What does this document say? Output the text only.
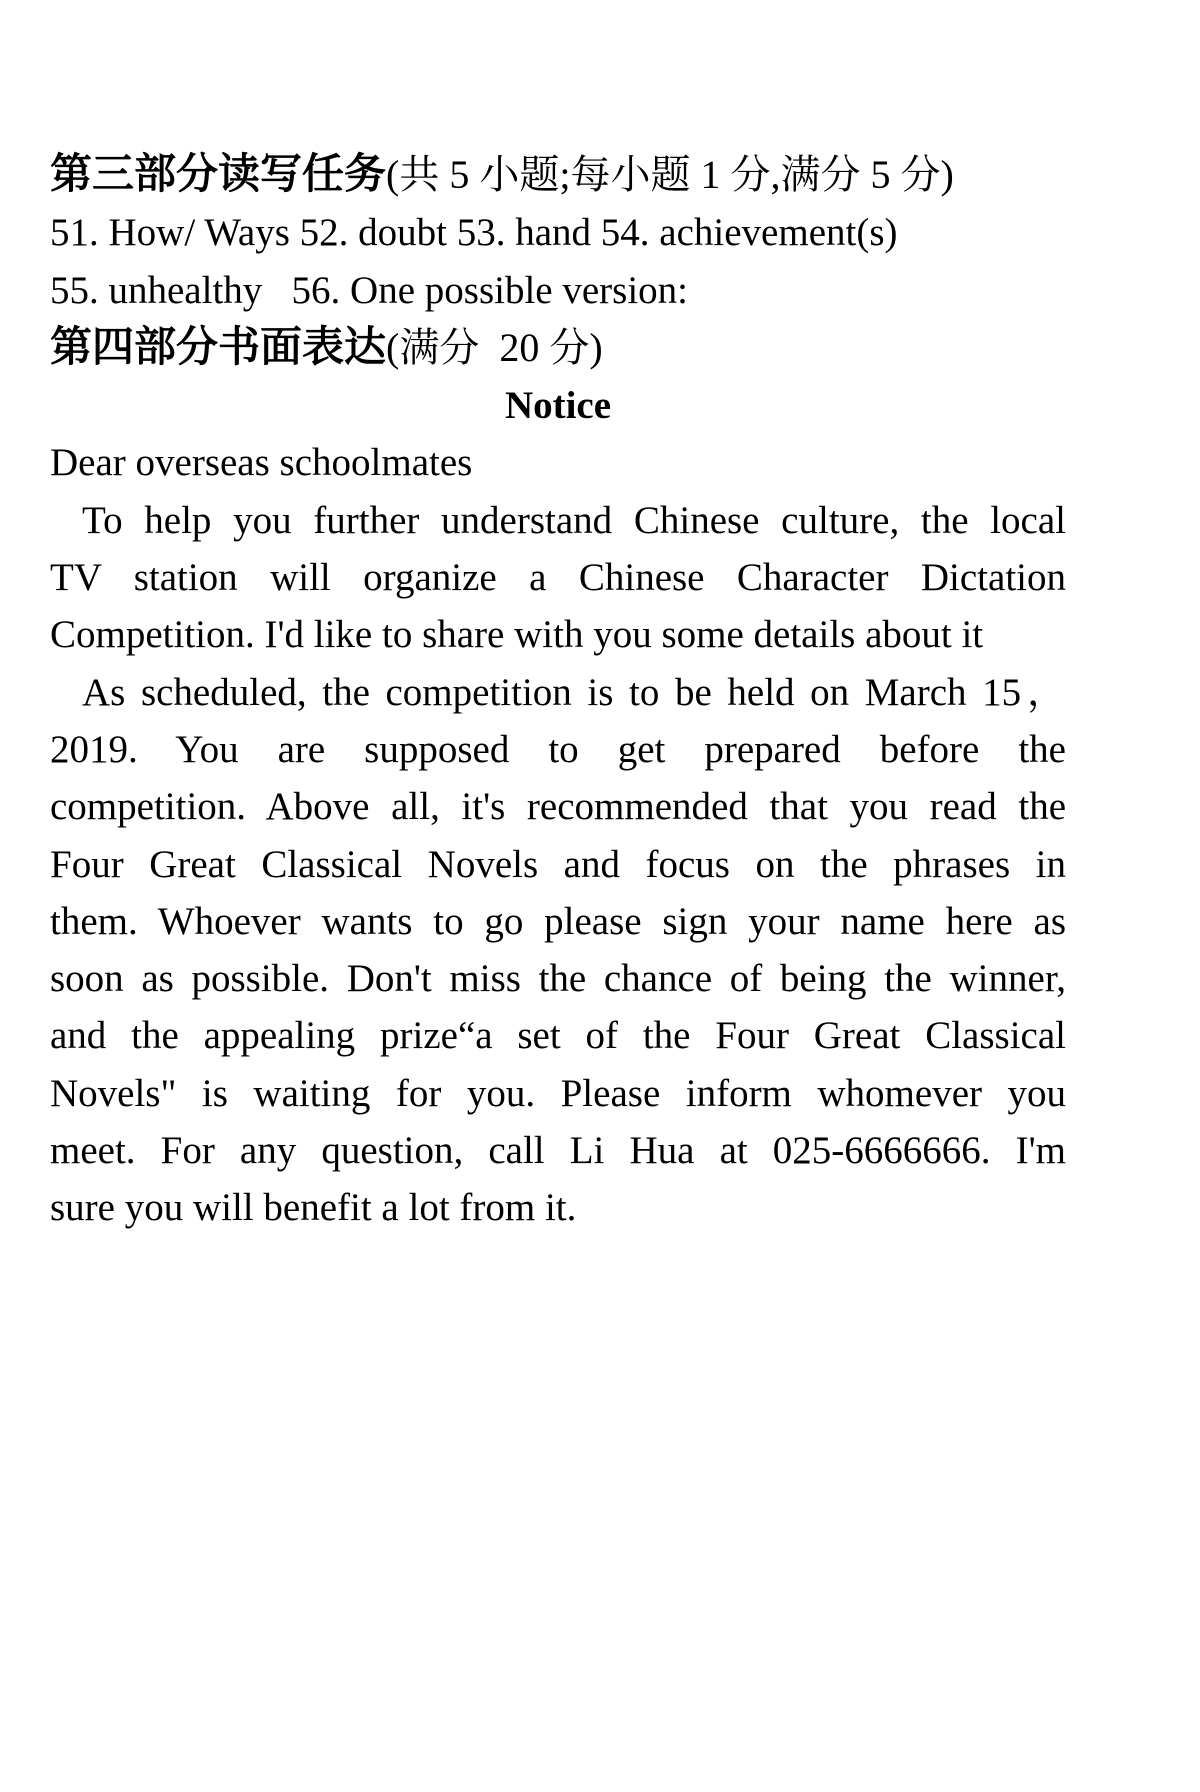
第三部分读写任务(共 5 小题;每小题 1 分,满分 5 分)
51. How/ Ways 52. doubt 53. hand 54. achievement(s)
55. unhealthy   56. One possible version:
第四部分书面表达(满分  20 分)
Notice
Dear overseas schoolmates
To help you further understand Chinese culture, the local
TV station will organize a Chinese Character Dictation
Competition. I'd like to share with you some details about it
As scheduled, the competition is to be held on March 15，
2019. You are supposed to get prepared before the
competition. Above all, it's recommended that you read the
Four Great Classical Novels and focus on the phrases in
them. Whoever wants to go please sign your name here as
soon as possible. Don't miss the chance of being the winner,
and the appealing prize“a set of the Four Great Classical
Novels" is waiting for you. Please inform whomever you
meet. For any question, call Li Hua at 025-6666666. I'm
sure you will benefit a lot from it.
